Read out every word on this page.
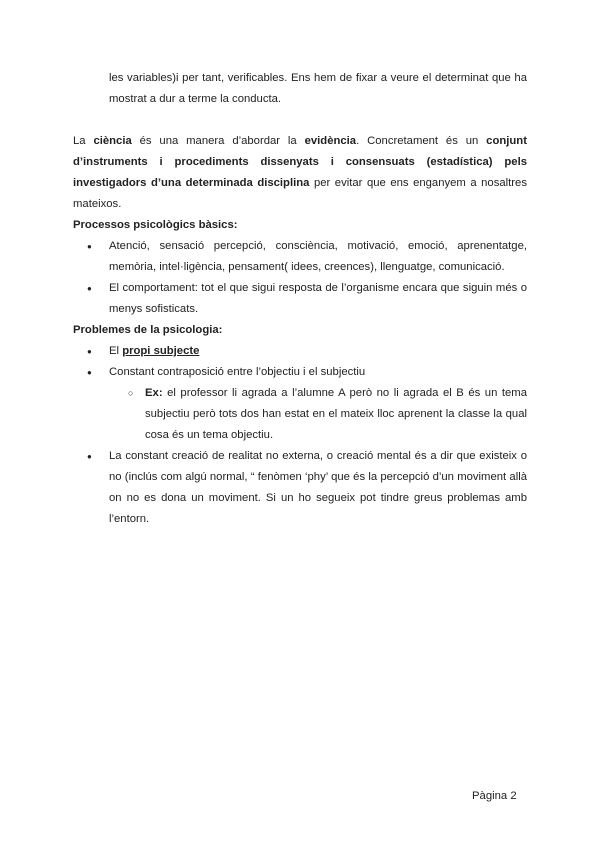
les variables)i per tant, verificables. Ens hem de fixar a veure el determinat que ha

mostrat a dur a terme la conducta.

La ciència és una manera d’abordar la evidència. Concretament és un conjunt d’instruments i procediments dissenyats i consensuats (estadística) pels investigadors d’una determinada disciplina per evitar que ens enganyem a nosaltres mateixos.

Processos psicològics bàsics:

● Atenció, sensació percepció, consciència, motivació, emoció, aprenentatge, memòria, intel·ligència, pensament( idees, creences), llenguatge, comunicació.
● El comportament: tot el que sigui resposta de l’organisme encara que siguin més o menys sofisticats.

Problemes de la psicologia:

● El propi subjecte
● Constant contraposició entre l’objectiu i el subjectiu
○ Ex: el professor li agrada a l’alumne A però no li agrada el B és un tema subjectiu però tots dos han estat en el mateix lloc aprenent la classe la qual cosa és un tema objectiu.
● La constant creació de realitat no externa, o creació mental és a dir que existeix o no (inclús com algú normal, “ fenòmen ‘phy’ que és la percepció d’un moviment allà on no es dona un moviment. Si un ho segueix pot tindre greus problemas amb l’entorn.
Pàgina 2
